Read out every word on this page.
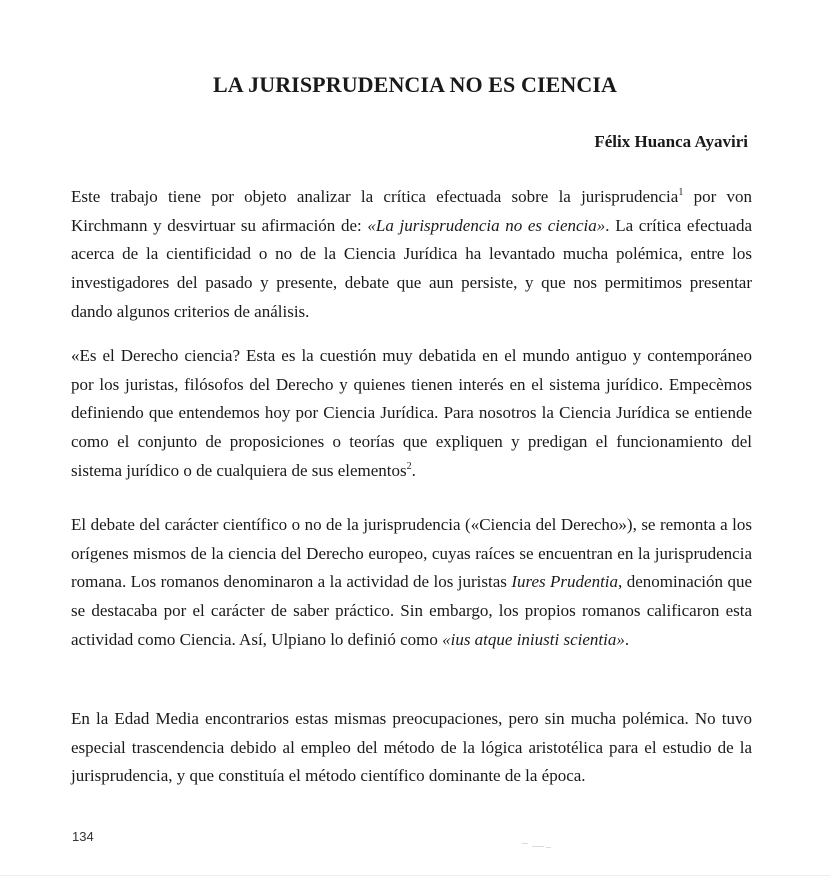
LA JURISPRUDENCIA NO ES CIENCIA

Félix Huanca Ayaviri

Este trabajo tiene por objeto analizar la crítica efectuada sobre la jurisprudencia$^1$ por von Kirchmann y desvirtuar su afirmación de: «La jurisprudencia no es ciencia». La crítica efectuada acerca de la cientificidad o no de la Ciencia Jurídica ha levantado mucha polémica, entre los investigadores del pasado y presente, debate que aun persiste, y que nos permitimos presentar dando algunos criterios de análisis.

«Es el Derecho ciencia? Esta es la cuestión muy debatida en el mundo antiguo y contemporáneo por los juristas, filósofos del Derecho y quienes tienen interés en el sistema jurídico. Empecèmos definiendo que entendemos hoy por Ciencia Jurídica. Para nosotros la Ciencia Jurídica se entiende como el conjunto de proposiciones o teorías que expliquen y predigan el funcionamiento del sistema jurídico o de cualquiera de sus elementos$^2$.

El debate del carácter científico o no de la jurisprudencia («Ciencia del Derecho»), se remonta a los orígenes mismos de la ciencia del Derecho europeo, cuyas raíces se encuentran en la jurisprudencia romana. Los romanos denominaron a la actividad de los juristas Iures Prudentia, denominación que se destacaba por el carácter de saber práctico. Sin embargo, los propios romanos calificaron esta actividad como Ciencia. Así, Ulpiano lo definió como «ius atque iniusti scientia».

En la Edad Media encontrarios estas mismas preocupaciones, pero sin mucha polémica. No tuvo especial trascendencia debido al empleo del método de la lógica aristotélica para el estudio de la jurisprudencia, y que constituía el método científico dominante de la época.

134
